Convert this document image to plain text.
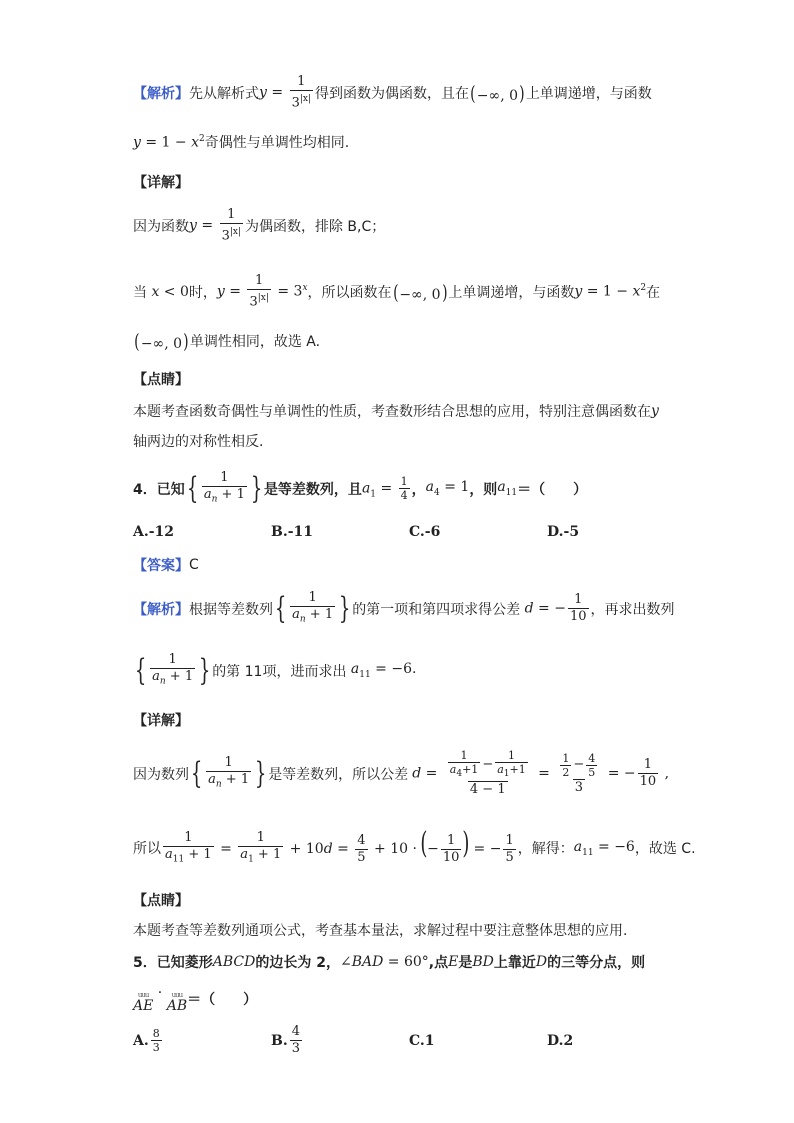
【解析】 先从解析式 $y = \frac{1}{3^{|x|}}$ 得到函数为偶函数，且在 (−∞, 0) 上单调递增，与函数
$y = 1 - x^2$ 奇偶性与单调性均相同.
【详解】
因为函数 $y = \frac{1}{3^{|x|}}$ 为偶函数，排除 B,C；
当 x < 0 时， $y = \frac{1}{3^{|x|}} = 3^x$ ，所以函数在 (−∞, 0) 上单调递增，与函数 $y = 1 - x^2$ 在
(−∞, 0) 单调性相同，故选 A.
【点睛】
本题考查函数奇偶性与单调性的性质，考查数形结合思想的应用，特别注意偶函数在 y
轴两边的对称性相反.
4．已知 { $\frac{1}{a_n + 1}$ } 是等差数列，且 $a_1 = \frac{1}{4}$ ， $a_4 = 1$ ，则 $a_{11}$ ＝（　　）
A.-12	B.-11	C.-6	D.-5
【答案】 C
【解析】 根据等差数列 { $\frac{1}{a_n + 1}$ } 的第一项和第四项求得公差 d = − $\frac{1}{10}$ ，再求出数列
{ $\frac{1}{a_n + 1}$ } 的第 11项，进而求出 $a_{11} = -6$.
【详解】
因为数列 { $\frac{1}{a_n + 1}$ } 是等差数列，所以公差 $d = \frac{\frac{1}{a_4+1} - \frac{1}{a_1+1}}{4 - 1} = \frac{\frac{1}{2} - \frac{4}{5}}{3}$ = − $\frac{1}{10}$ ,
所以 $\frac{1}{a_{11} + 1} = \frac{1}{a_1 + 1} + 10d = \frac{4}{5} + 10$ · (− $\frac{1}{10}$ ) = − $\frac{1}{5}$ ，解得： $a_{11} = -6$ ，故选 C.
【点睛】
本题考查等差数列通项公式，考查基本量法，求解过程中要注意整体思想的应用.
5．已知菱形 ABCD 的边长为 2， ∠BAD = 60° ,点 E 是 BD 上靠近 D 的三等分点，则
uuu
AE
· uuu
AB ＝（　　）
A. $\frac{8}{3}$	B. $\frac{4}{3}$	C.1	D.2
